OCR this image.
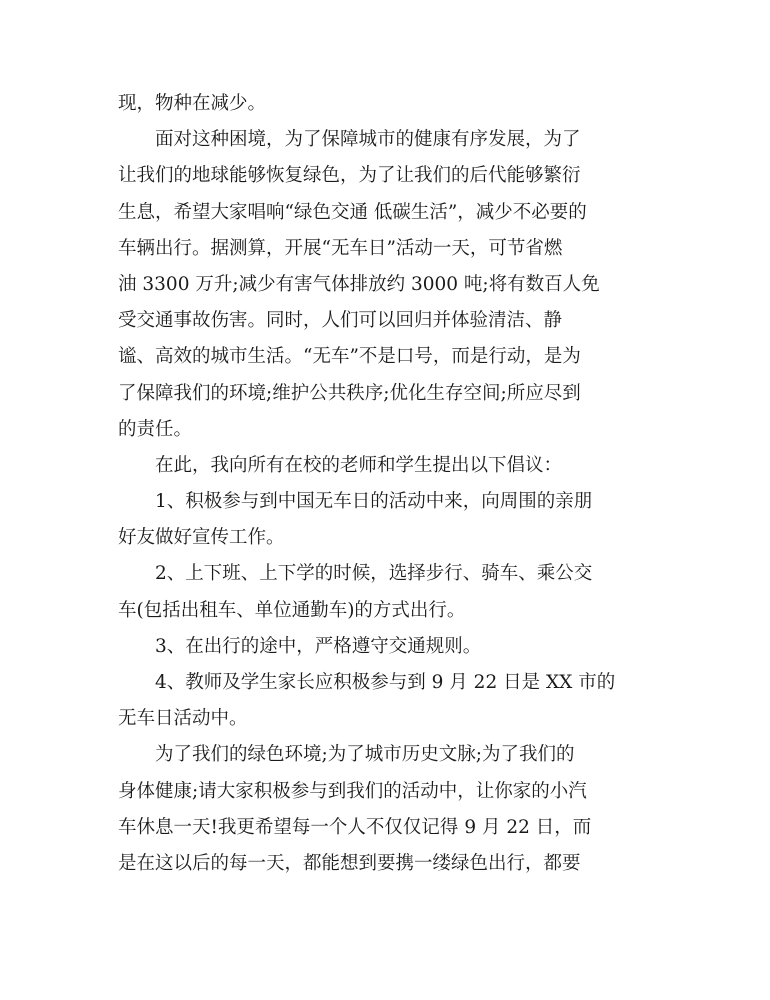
现，物种在减少。
面对这种困境，为了保障城市的健康有序发展，为了
让我们的地球能够恢复绿色，为了让我们的后代能够繁衍
生息，希望大家唱响“绿色交通 低碳生活”，减少不必要的
车辆出行。据测算，开展“无车日”活动一天，可节省燃
油 3300 万升;减少有害气体排放约 3000 吨;将有数百人免
受交通事故伤害。同时，人们可以回归并体验清洁、静
谧、高效的城市生活。“无车”不是口号，而是行动，是为
了保障我们的环境;维护公共秩序;优化生存空间;所应尽到
的责任。
在此，我向所有在校的老师和学生提出以下倡议：
1、积极参与到中国无车日的活动中来，向周围的亲朋
好友做好宣传工作。
2、上下班、上下学的时候，选择步行、骑车、乘公交
车(包括出租车、单位通勤车)的方式出行。
3、在出行的途中，严格遵守交通规则。
4、教师及学生家长应积极参与到 9 月 22 日是 XX 市的
无车日活动中。
为了我们的绿色环境;为了城市历史文脉;为了我们的
身体健康;请大家积极参与到我们的活动中，让你家的小汽
车休息一天!我更希望每一个人不仅仅记得 9 月 22 日，而
是在这以后的每一天，都能想到要携一缕绿色出行，都要
